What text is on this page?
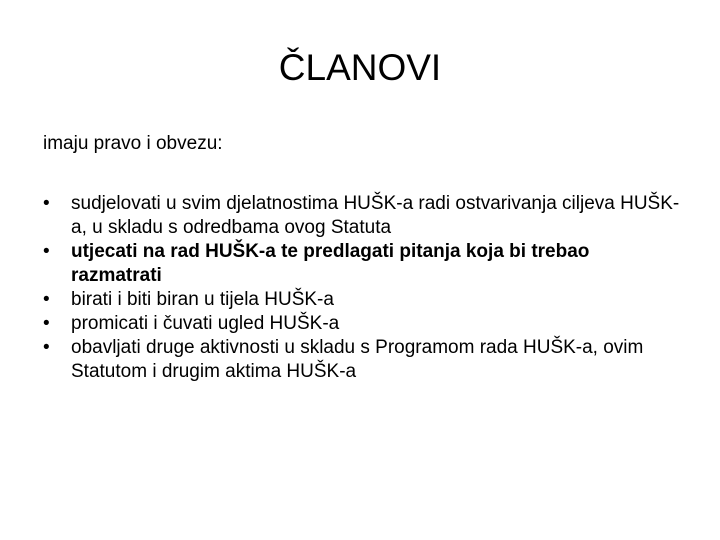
ČLANOVI

imaju pravo i obvezu:

•	sudjelovati u svim djelatnostima HUŠK-a radi ostvarivanja ciljeva HUŠK-a, u skladu s odredbama ovog Statuta
•	utjecati na rad HUŠK-a te predlagati pitanja koja bi trebao razmatrati
•	birati i biti biran u tijela HUŠK-a
•	promicati i čuvati ugled HUŠK-a
•	obavljati druge aktivnosti u skladu s Programom rada HUŠK-a, ovim Statutom i drugim aktima HUŠK-a
